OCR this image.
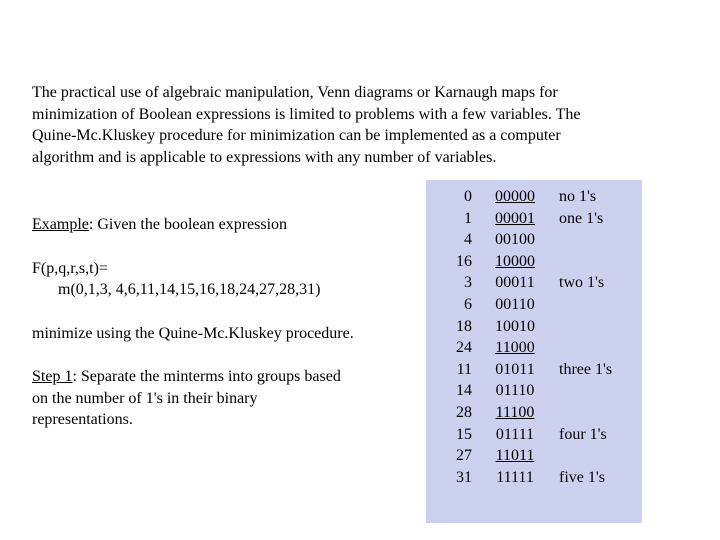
The practical use of algebraic manipulation, Venn diagrams or Karnaugh maps for
minimization of Boolean expressions is limited to problems with a few variables. The
Quine-Mc.Kluskey procedure for minimization can be implemented as a computer
algorithm and is applicable to expressions with any number of variables.

Example: Given the boolean expression

F(p,q,r,s,t)=
m(0,1,3, 4,6,11,14,15,16,18,24,27,28,31)

minimize using the Quine-Mc.Kluskey procedure.

Step 1: Separate the minterms into groups based
on the number of 1's in their binary
representations.

0	00000	no 1's
1	00001	one 1's
4	00100
16	10000
3	00011	two 1's
6	00110
18	10010
24	11000
11	01011	three 1's
14	01110
28	11100
15	01111	four 1's
27	11011
31	11111	five 1's
